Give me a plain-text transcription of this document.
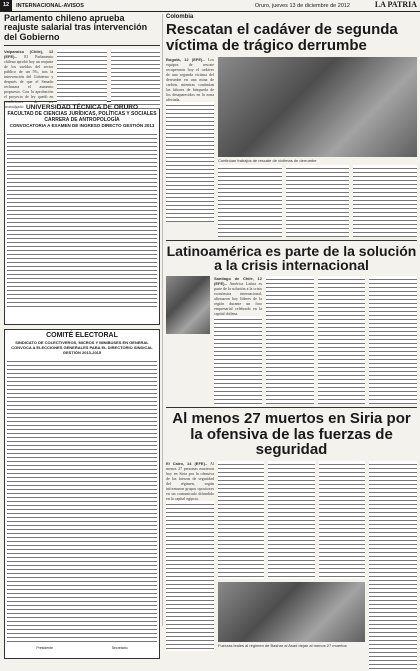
12	INTERNACIONAL-AVISOS	Oruro, jueves 13 de diciembre de 2012	LA PATRIA
Parlamento chileno aprueba reajuste salarial tras intervención del Gobierno
Valparaíso (Chile), 12 (EFE).- El Parlamento chileno aprobó hoy un reajuste de los sueldos del sector público de un 5%, tras la intervención del Gobierno y después de que el Senado rechazara el aumento propuesto. Con la aprobación el proyecto de ley quedó en condiciones de ser promulgado. UNIVERSIDAD TÉCNICA DE ORURO
FACULTAD DE CIENCIAS JURÍDICAS, POLÍTICAS Y SOCIALES
CARRERA DE ANTROPOLOGÍA
CONVOCATORIA A EXAMEN DE INGRESO DIRECTO GESTIÓN 2013
COMITÉ ELECTORAL
SINDICATO DE COLECTIVEROS, MICROS Y MINIBUSES EN GENERAL CONVOCA A ELECCIONES GENERALES PARA EL DIRECTORIO SINDICAL GESTIÓN 2013-2015
Presidente	Secretario
Colombia
Rescatan el cadáver de segunda víctima de trágico derrumbe
Bogotá, 12 (EFE).- Los equipos de rescate recuperaron hoy el cadáver de una segunda víctima del derrumbe en una mina de carbón, mientras continúan las labores de búsqueda de los desaparecidos en la zona afectada.
Continúan trabajos de rescate de víctimas de derrumbe
Latinoamérica es parte de la solución a la crisis internacional
Santiago de Chile, 12 (EFE).- América Latina es parte de la solución a la crisis económica internacional, afirmaron hoy líderes de la región durante un foro empresarial celebrado en la capital chilena.
Al menos 27 muertos en Siria por la ofensiva de las fuerzas de seguridad
El Cairo, 14 (EFE).- Al menos 27 personas murieron hoy en Siria por la ofensiva de las fuerzas de seguridad del régimen, según informaron grupos opositores en un comunicado difundido en la capital egipcia.
Fuerzas leales al régimen de Bashar al Asad dejan al menos 27 muertos
